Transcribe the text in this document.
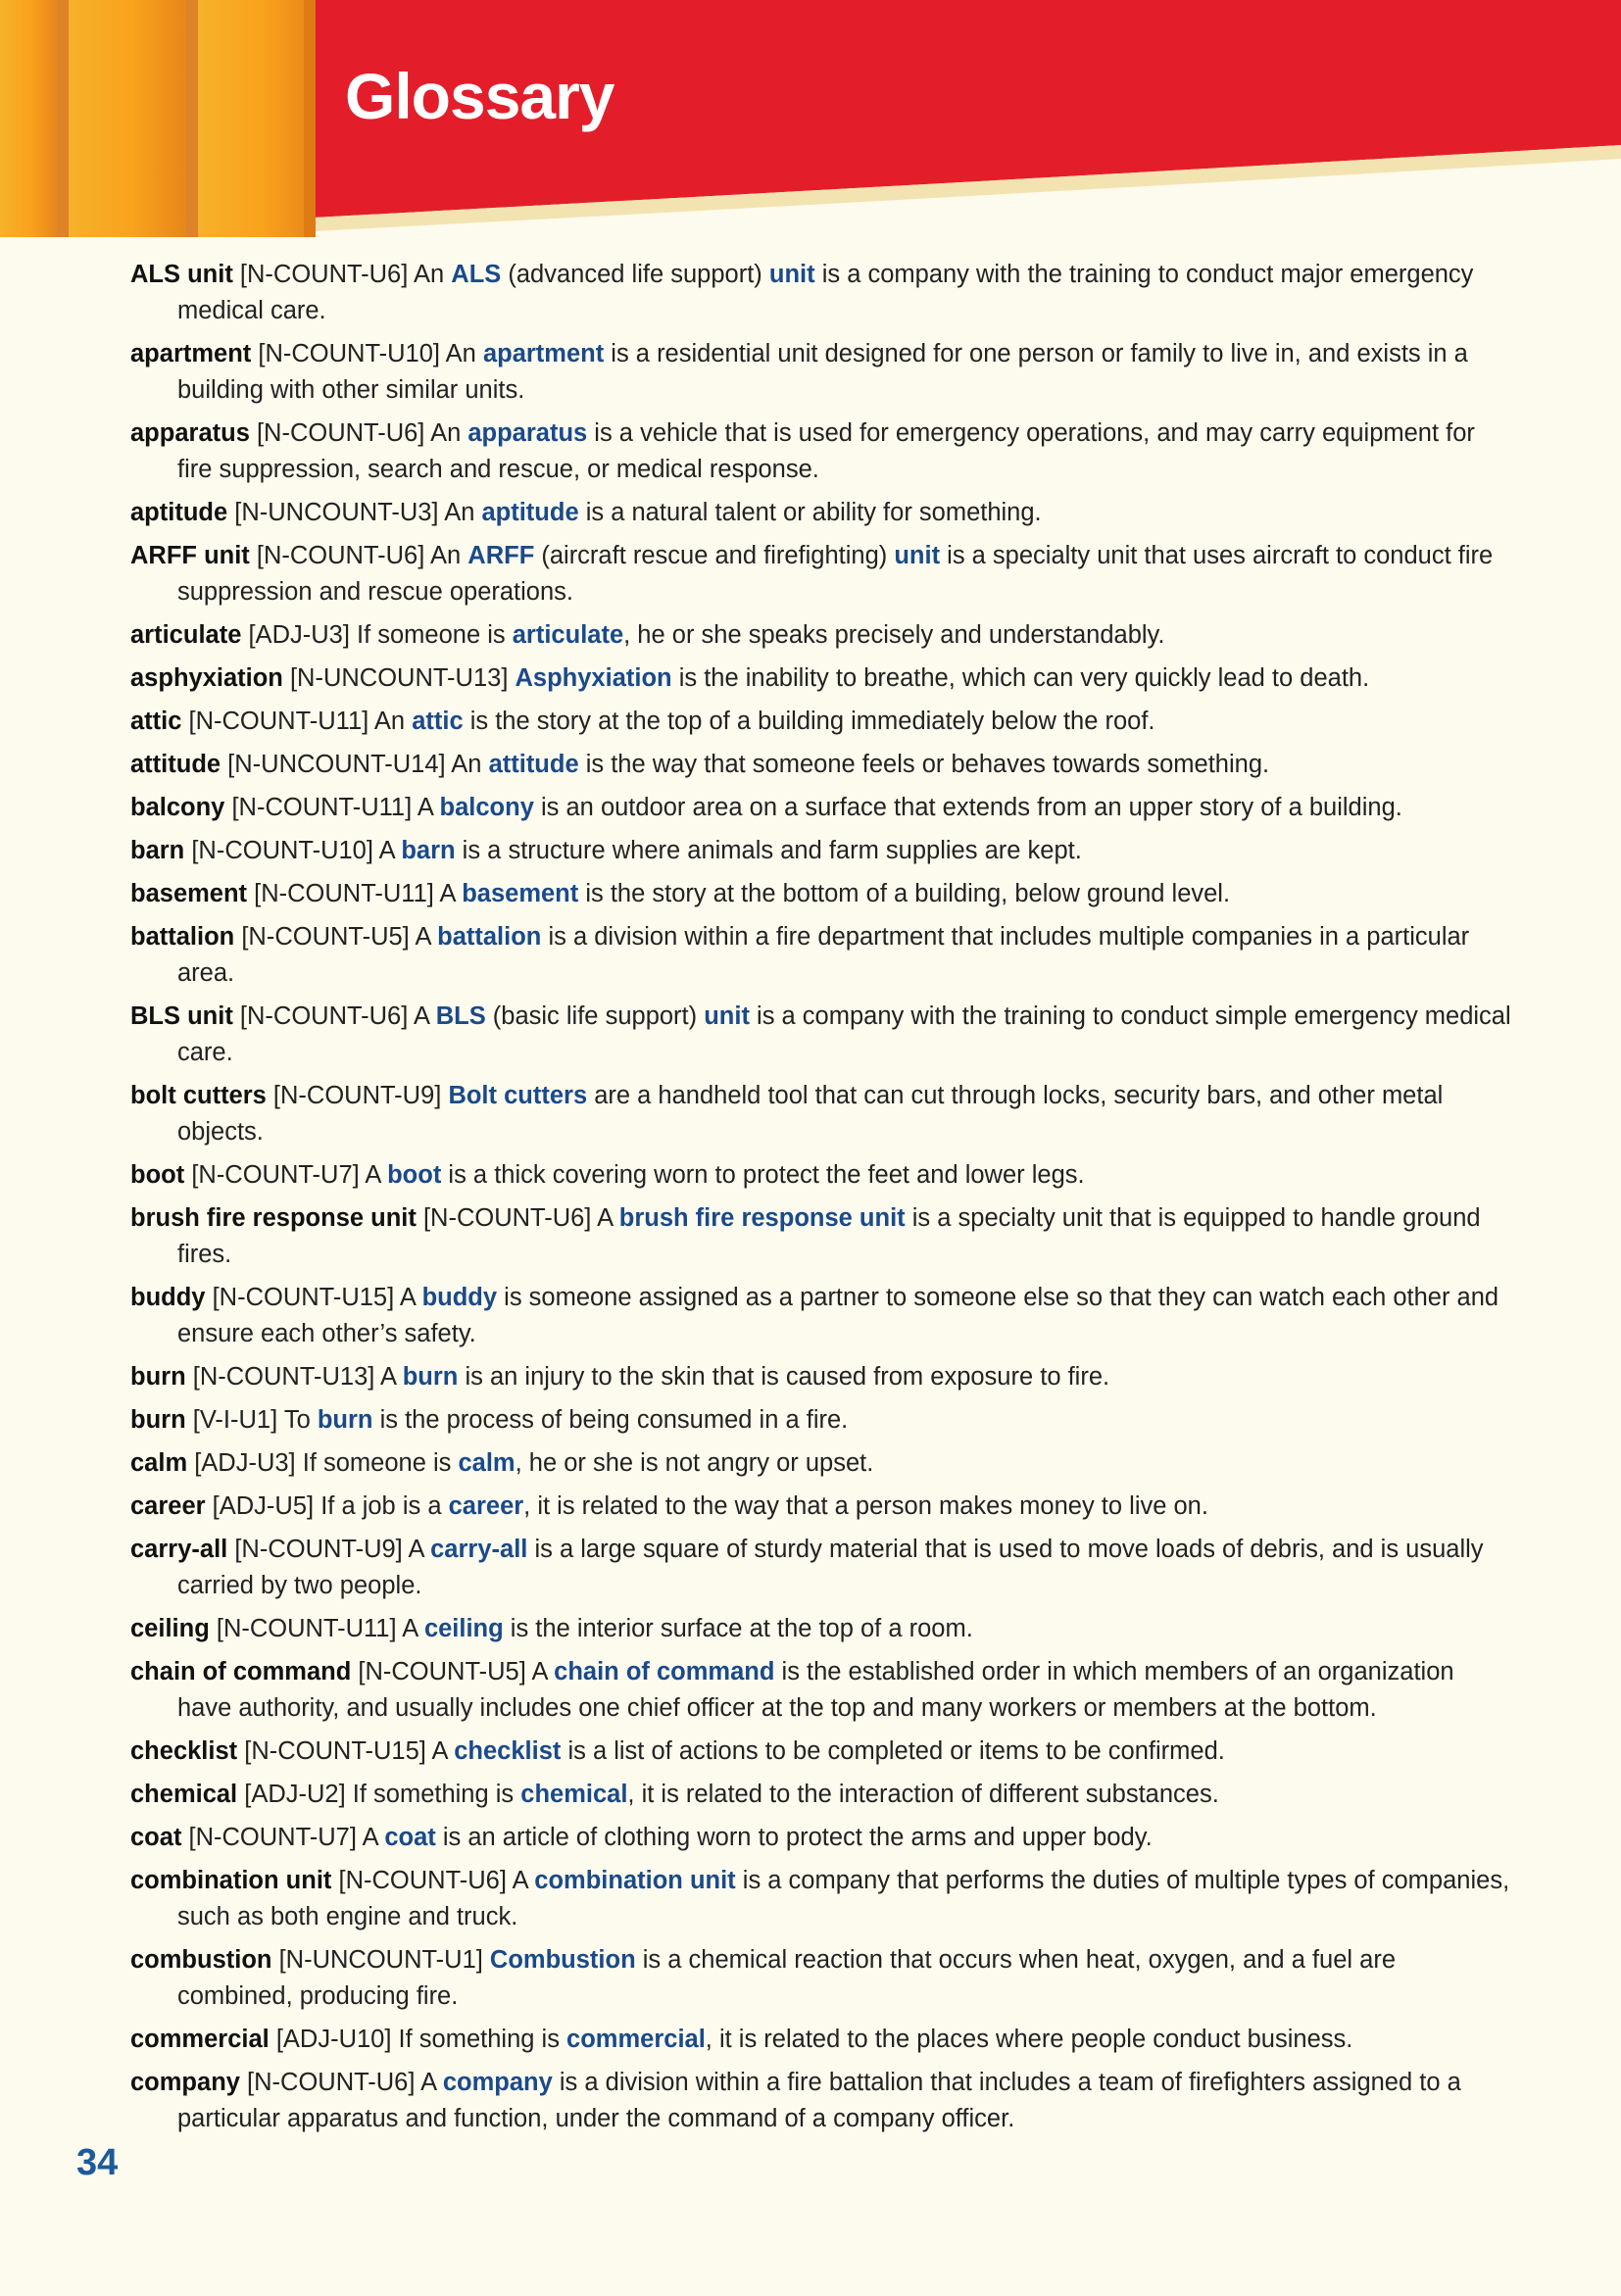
Glossary
ALS unit [N-COUNT-U6] An ALS (advanced life support) unit is a company with the training to conduct major emergency medical care.
apartment [N-COUNT-U10] An apartment is a residential unit designed for one person or family to live in, and exists in a building with other similar units.
apparatus [N-COUNT-U6] An apparatus is a vehicle that is used for emergency operations, and may carry equipment for fire suppression, search and rescue, or medical response.
aptitude [N-UNCOUNT-U3] An aptitude is a natural talent or ability for something.
ARFF unit [N-COUNT-U6] An ARFF (aircraft rescue and firefighting) unit is a specialty unit that uses aircraft to conduct fire suppression and rescue operations.
articulate [ADJ-U3] If someone is articulate, he or she speaks precisely and understandably.
asphyxiation [N-UNCOUNT-U13] Asphyxiation is the inability to breathe, which can very quickly lead to death.
attic [N-COUNT-U11] An attic is the story at the top of a building immediately below the roof.
attitude [N-UNCOUNT-U14] An attitude is the way that someone feels or behaves towards something.
balcony [N-COUNT-U11] A balcony is an outdoor area on a surface that extends from an upper story of a building.
barn [N-COUNT-U10] A barn is a structure where animals and farm supplies are kept.
basement [N-COUNT-U11] A basement is the story at the bottom of a building, below ground level.
battalion [N-COUNT-U5] A battalion is a division within a fire department that includes multiple companies in a particular area.
BLS unit [N-COUNT-U6] A BLS (basic life support) unit is a company with the training to conduct simple emergency medical care.
bolt cutters [N-COUNT-U9] Bolt cutters are a handheld tool that can cut through locks, security bars, and other metal objects.
boot [N-COUNT-U7] A boot is a thick covering worn to protect the feet and lower legs.
brush fire response unit [N-COUNT-U6] A brush fire response unit is a specialty unit that is equipped to handle ground fires.
buddy [N-COUNT-U15] A buddy is someone assigned as a partner to someone else so that they can watch each other and ensure each other’s safety.
burn [N-COUNT-U13] A burn is an injury to the skin that is caused from exposure to fire.
burn [V-I-U1] To burn is the process of being consumed in a fire.
calm [ADJ-U3] If someone is calm, he or she is not angry or upset.
career [ADJ-U5] If a job is a career, it is related to the way that a person makes money to live on.
carry-all [N-COUNT-U9] A carry-all is a large square of sturdy material that is used to move loads of debris, and is usually carried by two people.
ceiling [N-COUNT-U11] A ceiling is the interior surface at the top of a room.
chain of command [N-COUNT-U5] A chain of command is the established order in which members of an organization have authority, and usually includes one chief officer at the top and many workers or members at the bottom.
checklist [N-COUNT-U15] A checklist is a list of actions to be completed or items to be confirmed.
chemical [ADJ-U2] If something is chemical, it is related to the interaction of different substances.
coat [N-COUNT-U7] A coat is an article of clothing worn to protect the arms and upper body.
combination unit [N-COUNT-U6] A combination unit is a company that performs the duties of multiple types of companies, such as both engine and truck.
combustion [N-UNCOUNT-U1] Combustion is a chemical reaction that occurs when heat, oxygen, and a fuel are combined, producing fire.
commercial [ADJ-U10] If something is commercial, it is related to the places where people conduct business.
company [N-COUNT-U6] A company is a division within a fire battalion that includes a team of firefighters assigned to a particular apparatus and function, under the command of a company officer.
34
